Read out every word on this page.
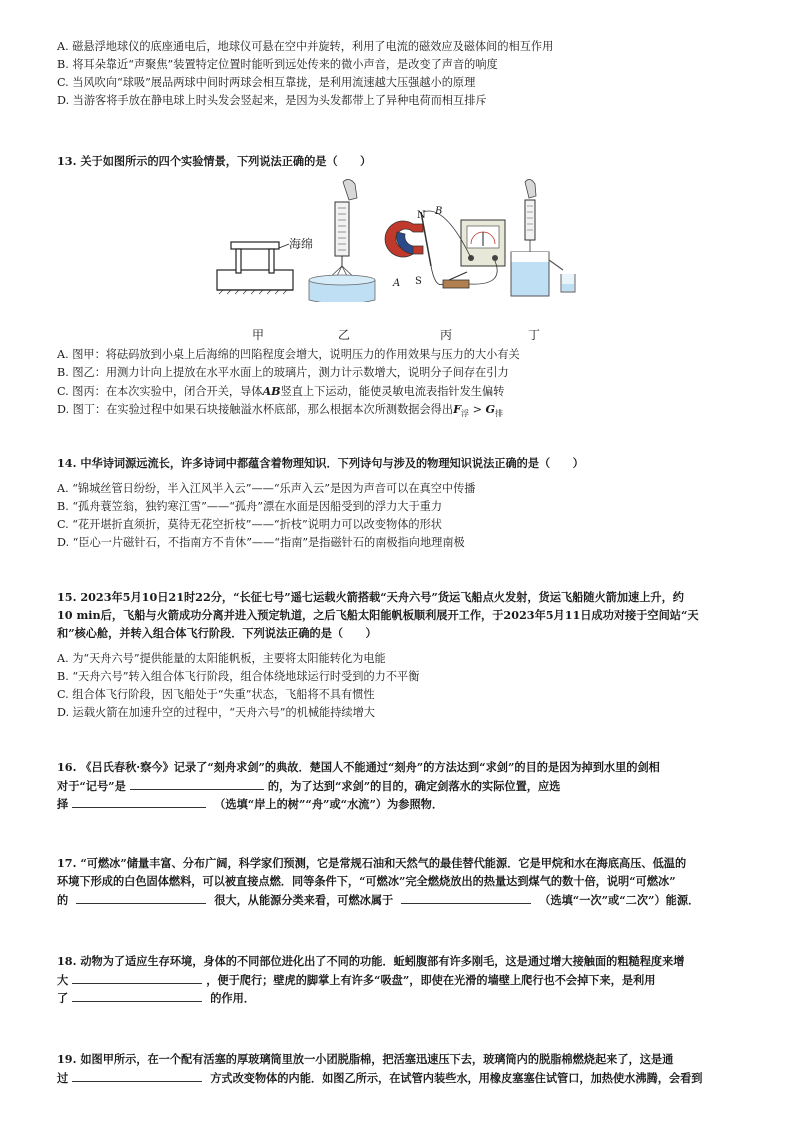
A. 磁悬浮地球仪的底座通电后，地球仪可悬在空中并旋转，利用了电流的磁效应及磁体间的相互作用
B. 将耳朵靠近“声聚焦”装置特定位置时能听到远处传来的微小声音，是改变了声音的响度
C. 当风吹向“球吸”展品两球中间时两球会相互靠拢，是利用流速越大压强越小的原理
D. 当游客将手放在静电球上时头发会竖起来，是因为头发都带上了异种电荷而相互排斥
13. 关于如图所示的四个实验情景，下列说法正确的是（　　）
海绵
N B
S
A
甲	乙	丙	丁
A. 图甲：将砝码放到小桌上后海绵的凹陷程度会增大，说明压力的作用效果与压力的大小有关
B. 图乙：用测力计向上提放在水平水面上的玻璃片，测力计示数增大，说明分子间存在引力
C. 图丙：在本次实验中，闭合开关，导体AB竖直上下运动，能使灵敏电流表指针发生偏转
D. 图丁：在实验过程中如果石块接触溢水杯底部，那么根据本次所测数据会得出$F_浮 > G_排$
14. 中华诗词源远流长，许多诗词中都蕴含着物理知识．下列诗句与涉及的物理知识说法正确的是（　　）
A. “锦城丝管日纷纷，半入江风半入云”——“乐声入云”是因为声音可以在真空中传播
B. “孤舟蓑笠翁，独钓寒江雪”——“孤舟”漂在水面是因船受到的浮力大于重力
C. “花开堪折直须折，莫待无花空折枝”——“折枝”说明力可以改变物体的形状
D. “臣心一片磁针石，不指南方不肯休”——“指南”是指磁针石的南极指向地理南极
15. 2023年5月10日21时22分，“长征七号”遥七运载火箭搭载“天舟六号”货运飞船点火发射，货运飞船随火箭加速上升，约
10 min后，飞船与火箭成功分离并进入预定轨道，之后飞船太阳能帆板顺利展开工作，于2023年5月11日成功对接于空间站“天
和”核心舱，并转入组合体飞行阶段．下列说法正确的是（　　）
A. 为“天舟六号”提供能量的太阳能帆板，主要将太阳能转化为电能
B. “天舟六号”转入组合体飞行阶段，组合体绕地球运行时受到的力不平衡
C. 组合体飞行阶段，因飞船处于“失重”状态，飞船将不具有惯性
D. 运载火箭在加速升空的过程中，“天舟六号”的机械能持续增大
16. 《吕氏春秋·察今》记录了“刻舟求剑”的典故．楚国人不能通过“刻舟”的方法达到“求剑”的目的是因为掉到水里的剑相
对于“记号”是	的，为了达到“求剑”的目的，确定剑落水的实际位置，应选
择	（选填“岸上的树”“舟”或“水流”）为参照物．
17. “可燃冰”储量丰富、分布广阔，科学家们预测，它是常规石油和天然气的最佳替代能源．它是甲烷和水在海底高压、低温的
环境下形成的白色固体燃料，可以被直接点燃．同等条件下，“可燃冰”完全燃烧放出的热量达到煤气的数十倍，说明“可燃冰”
的	很大，从能源分类来看，可燃冰属于	（选填“一次”或“二次”）能源．
18. 动物为了适应生存环境，身体的不同部位进化出了不同的功能．蚯蚓腹部有许多刚毛，这是通过增大接触面的粗糙程度来增
大	，便于爬行；壁虎的脚掌上有许多“吸盘”，即使在光滑的墙壁上爬行也不会掉下来，是利用
了	的作用．
19. 如图甲所示，在一个配有活塞的厚玻璃筒里放一小团脱脂棉，把活塞迅速压下去，玻璃筒内的脱脂棉燃烧起来了，这是通
过	方式改变物体的内能．如图乙所示，在试管内装些水，用橡皮塞塞住试管口，加热使水沸腾，会看到
